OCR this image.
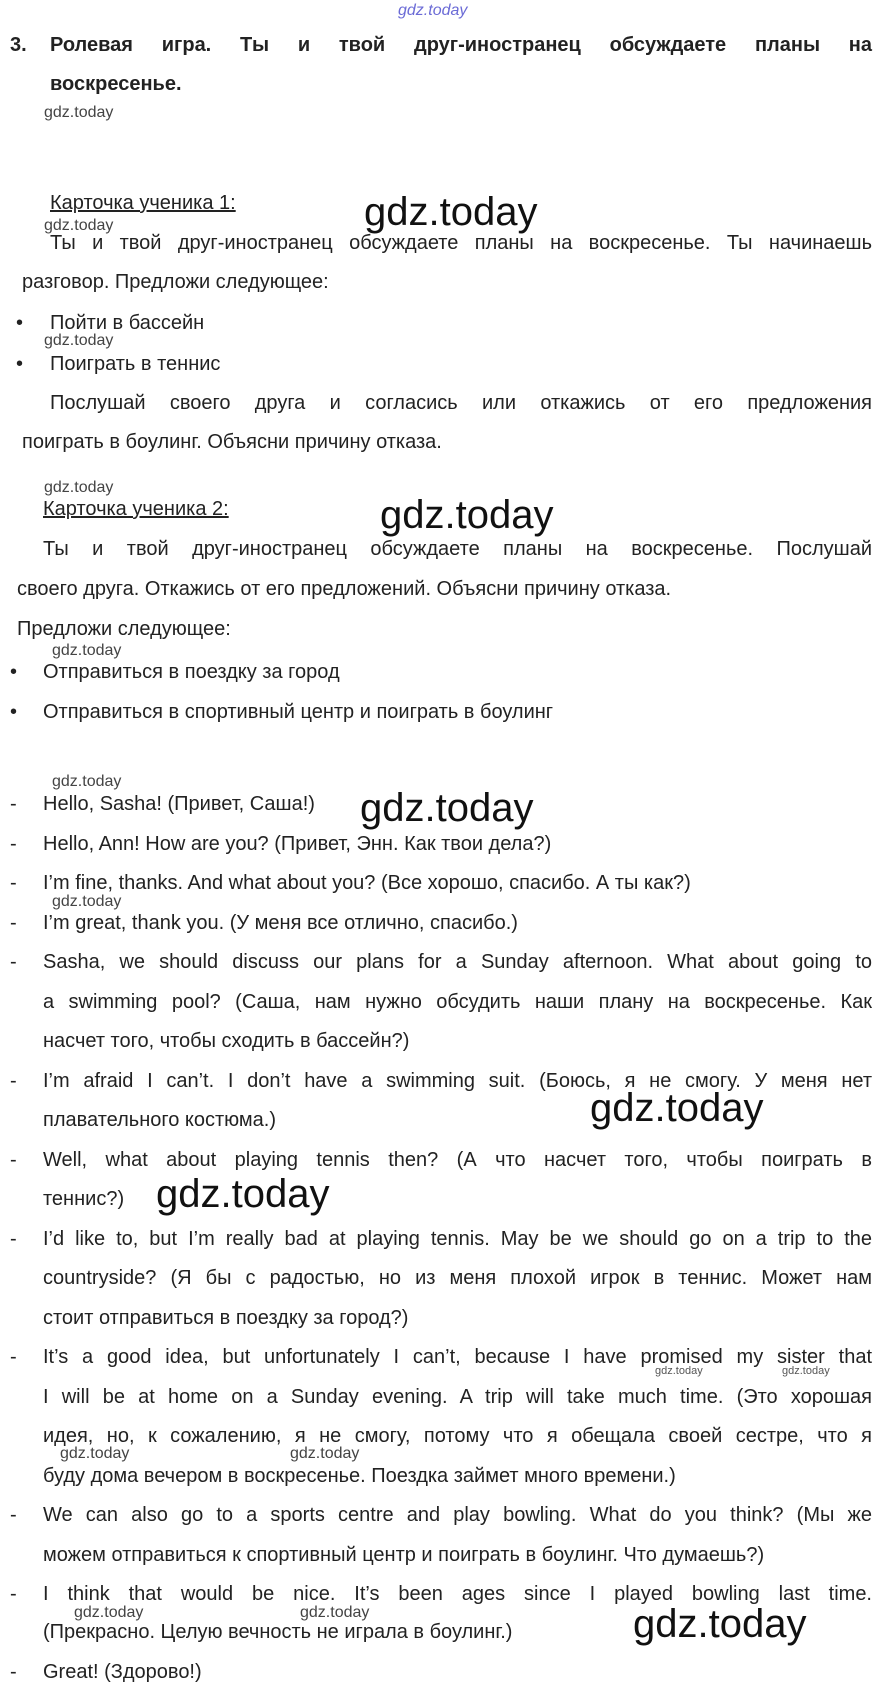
gdz.today
3. Ролевая игра. Ты и твой друг-иностранец обсуждаете планы на
воскресенье.
gdz.today
Карточка ученика 1:	gdz.today
gdz.today
Ты и твой друг-иностранец обсуждаете планы на воскресенье. Ты начинаешь
разговор. Предложи следующее:
• Пойти в бассейн
gdz.today
• Поиграть в теннис
Послушай своего друга и согласись или откажись от его предложения
поиграть в боулинг. Объясни причину отказа.
gdz.today
Карточка ученика 2:	gdz.today
Ты и твой друг-иностранец обсуждаете планы на воскресенье. Послушай
своего друга. Откажись от его предложений. Объясни причину отказа.
Предложи следующее:
gdz.today
• Отправиться в поездку за город
• Отправиться в спортивный центр и поиграть в боулинг
gdz.today
- Hello, Sasha! (Привет, Саша!) gdz.today
- Hello, Ann! How are you? (Привет, Энн. Как твои дела?)
- I’m fine, thanks. And what about you? (Все хорошо, спасибо. А ты как?)
gdz.today
- I’m great, thank you. (У меня все отлично, спасибо.)
- Sasha, we should discuss our plans for a Sunday afternoon. What about going to
a swimming pool? (Саша, нам нужно обсудить наши плану на воскресенье. Как
насчет того, чтобы сходить в бассейн?)
- I’m afraid I can’t. I don’t have a swimming suit. (Боюсь, я не смогу. У меня нет
плавательного костюма.)	gdz.today
- Well, what about playing tennis then? (А что насчет того, чтобы поиграть в
теннис?) gdz.today
- I’d like to, but I’m really bad at playing tennis. May be we should go on a trip to the
countryside? (Я бы с радостью, но из меня плохой игрок в теннис. Может нам
стоит отправиться в поездку за город?)
- It’s a good idea, but unfortunately I can’t, because I have promised my sister that
gdz.today	gdz.today
I will be at home on a Sunday evening. A trip will take much time. (Это хорошая
идея, но, к сожалению, я не смогу, потому что я обещала своей сестре, что я
gdz.today	gdz.today
буду дома вечером в воскресенье. Поездка займет много времени.)
- We can also go to a sports centre and play bowling. What do you think? (Мы же
можем отправиться к спортивный центр и поиграть в боулинг. Что думаешь?)
- I think that would be nice. It’s been ages since I played bowling last time.
gdz.today	gdz.today
(Прекрасно. Целую вечность не играла в боулинг.)	gdz.today
- Great! (Здорово!)
